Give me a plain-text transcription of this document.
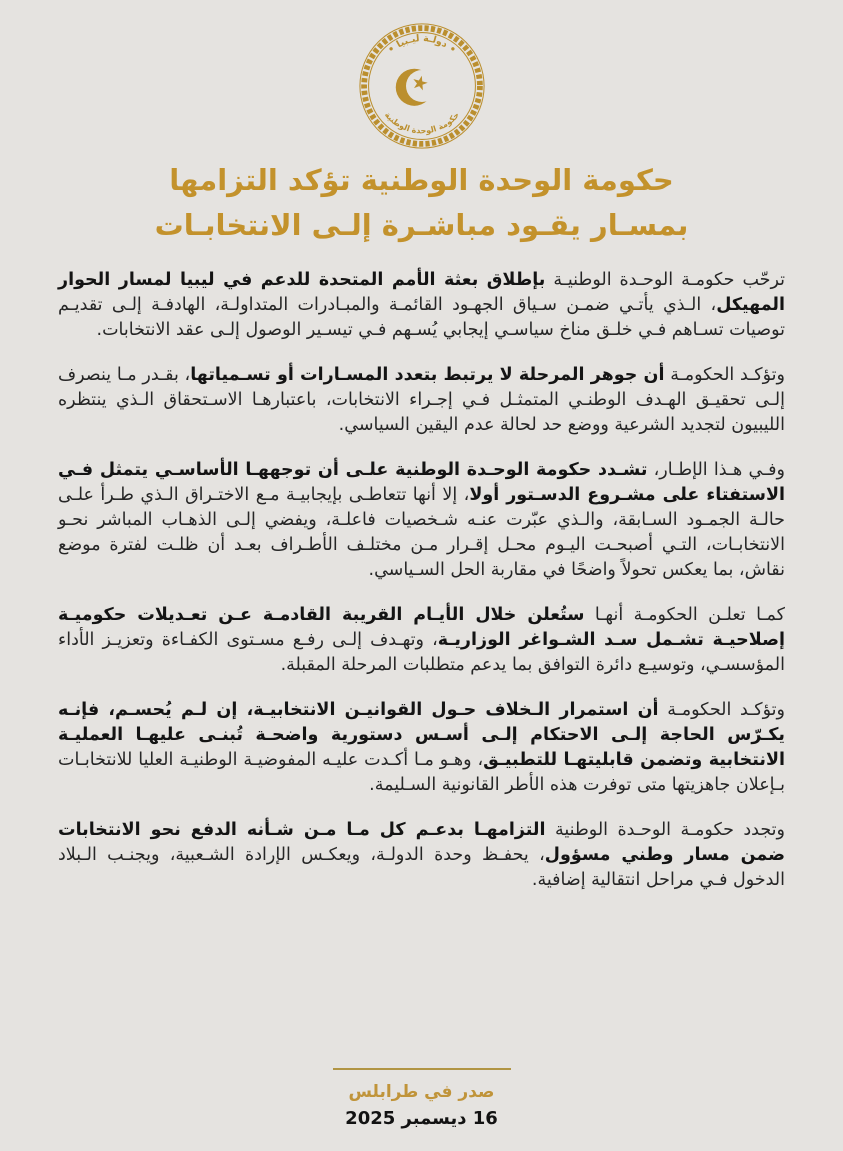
• دولـة ليـبيا •
حكومة الوحدة الوطنية
★
حكومة الوحدة الوطنية تؤكد التزامها
بمسـار يقـود مباشـرة إلـى الانتخابـات

ترحّب حكومـة الوحـدة الوطنيـة بإطلاق بعثة الأمم المتحدة للدعم في ليبيا لمسار الحوار المهيكل، الـذي يأتـي ضمـن سـياق الجهـود القائمـة والمبـادرات المتداولـة، الهادفـة إلـى تقديـم توصيات تسـاهم فـي خلـق مناخ سياسـي إيجابي يُسـهم فـي تيسـير الوصول إلـى عقد الانتخابات.

وتؤكـد الحكومـة أن جوهر المرحلة لا يرتبط بتعدد المسـارات أو تسـمياتها، بقـدر مـا ينصرف إلـى تحقيـق الهـدف الوطنـي المتمثـل فـي إجـراء الانتخابات، باعتبارهـا الاسـتحقاق الـذي ينتظره الليبيون لتجديد الشرعية ووضع حد لحالة عدم اليقين السياسي.

وفـي هـذا الإطـار، تشـدد حكومة الوحـدة الوطنية علـى أن توجههـا الأساسـي يتمثل فـي الاستفتاء على مشـروع الدسـتور أولا، إلا أنها تتعاطـى بإيجابيـة مـع الاختـراق الـذي طـرأ علـى حالـة الجمـود السـابقة، والـذي عبّرت عنـه شـخصيات فاعلـة، ويفضي إلـى الذهـاب المباشر نحـو الانتخابـات، التـي أصبحـت اليـوم محـل إقـرار مـن مختلـف الأطـراف بعـد أن ظلـت لفترة موضع نقاش، بما يعكس تحولاً واضحًا في مقاربة الحل السـياسي.

كمـا تعلـن الحكومـة أنهـا ستُعلن خلال الأيـام القريبة القادمـة عـن تعـديلات حكوميـة إصلاحيـة تشـمل سـد الشـواغر الوزاريـة، وتهـدف إلـى رفـع مسـتوى الكفـاءة وتعزيـز الأداء المؤسسـي، وتوسيـع دائرة التوافق بما يدعم متطلبات المرحلة المقبلة.

وتؤكـد الحكومـة أن استمرار الـخلاف حـول القوانيـن الانتخابيـة، إن لـم يُحسـم، فإنـه يكـرّس الحاجة إلـى الاحتكام إلـى أسـس دستورية واضحـة تُبنـى عليهـا العمليـة الانتخابية وتضمن قابليتهـا للتطبيـق، وهـو مـا أكـدت عليـه المفوضيـة الوطنيـة العليا للانتخابـات بـإعلان جاهزيتها متى توفرت هذه الأطر القانونية السـليمة.

وتجدد حكومـة الوحـدة الوطنية التزامهـا بدعـم كل مـا مـن شـأنه الدفع نحو الانتخابات ضمن مسار وطني مسؤول، يحفـظ وحدة الدولـة، ويعكـس الإرادة الشـعبية، ويجنـب الـبلاد الدخول فـي مراحل انتقالية إضافية.

صدر في طرابلس
16 ديسمبر 2025
